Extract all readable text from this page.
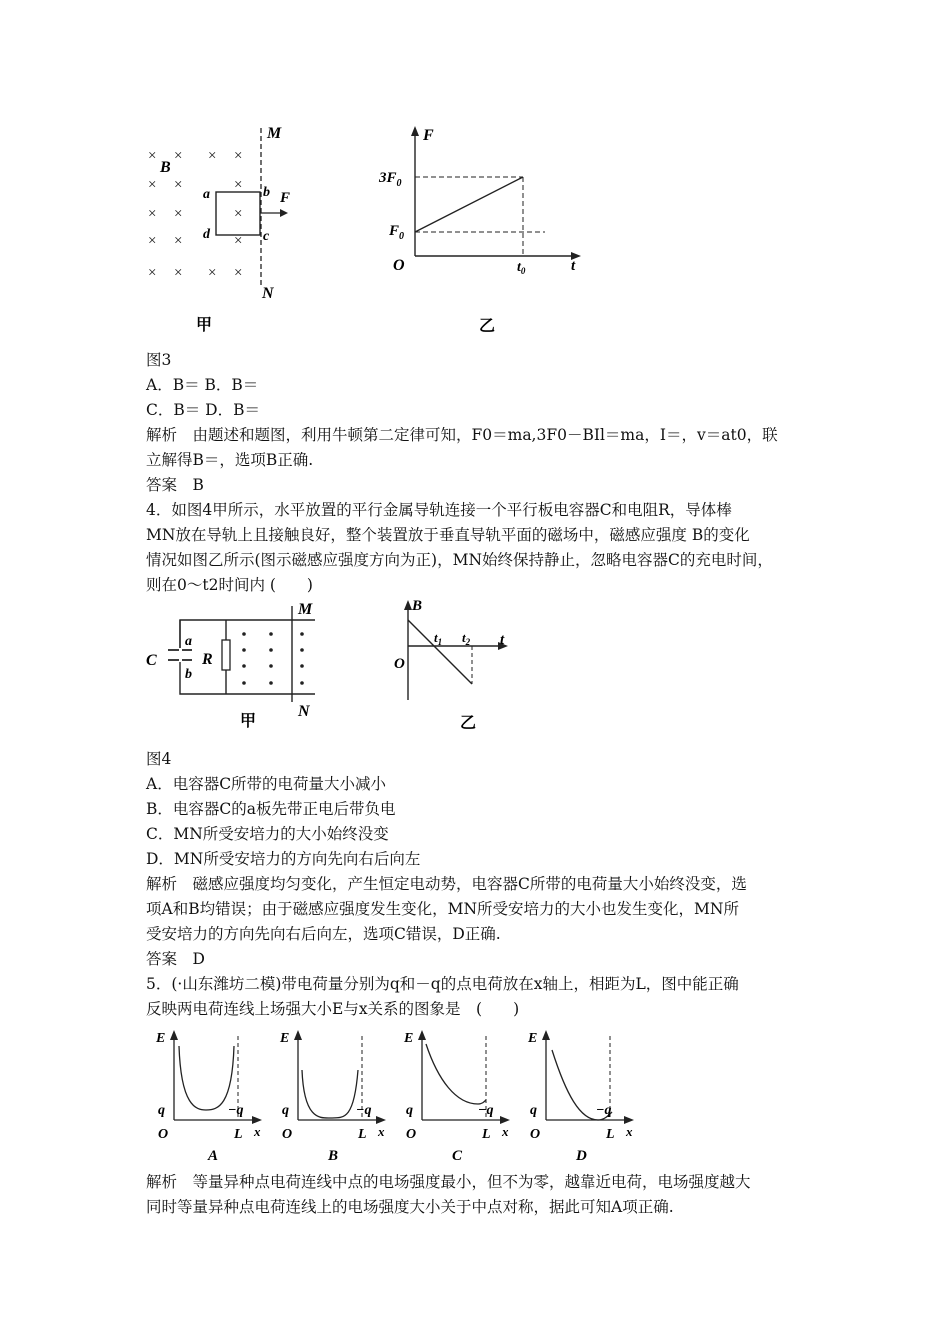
× × × ×
× ×	×
× ×	×
× ×	×
× × × ×
B
M
N
a	b
c
d
F
甲
F
t
O
$3F_0$
$F_0$
$t_0$
乙
图3
A．B＝ B．B＝
C．B＝ D．B＝
解析　由题述和题图，利用牛顿第二定律可知，F0＝ma,3F0－BIl＝ma，I＝，v＝at0，联
立解得B＝，选项B正确.
答案　B
4．如图4甲所示，水平放置的平行金属导轨连接一个平行板电容器C和电阻R，导体棒
MN放在导轨上且接触良好，整个装置放于垂直导轨平面的磁场中，磁感应强度 B的变化
情况如图乙所示(图示磁感应强度方向为正)，MN始终保持静止，忽略电容器C的充电时间，
则在0～t2时间内 (　　)
C
a
b
R
M
N
甲
B
t
O
$t_1$ $t_2$
乙
图4
A．电容器C所带的电荷量大小减小
B．电容器C的a板先带正电后带负电
C．MN所受安培力的大小始终没变
D．MN所受安培力的方向先向右后向左
解析　磁感应强度均匀变化，产生恒定电动势，电容器C所带的电荷量大小始终没变，选
项A和B均错误；由于磁感应强度发生变化，MN所受安培力的大小也发生变化，MN所
受安培力的方向先向右后向左，选项C错误，D正确.
答案　D
5．(·山东潍坊二模)带电荷量分别为q和－q的点电荷放在x轴上，相距为L，图中能正确
反映两电荷连线上场强大小E与x关系的图象是　(　　)
E
q	−q
O	L x
A
E
q	−q
O	L x
B
E
q	−q
O	L x
C
E
q	−q
O	L x
D
解析　等量异种点电荷连线中点的电场强度最小，但不为零，越靠近电荷，电场强度越大
同时等量异种点电荷连线上的电场强度大小关于中点对称，据此可知A项正确.
